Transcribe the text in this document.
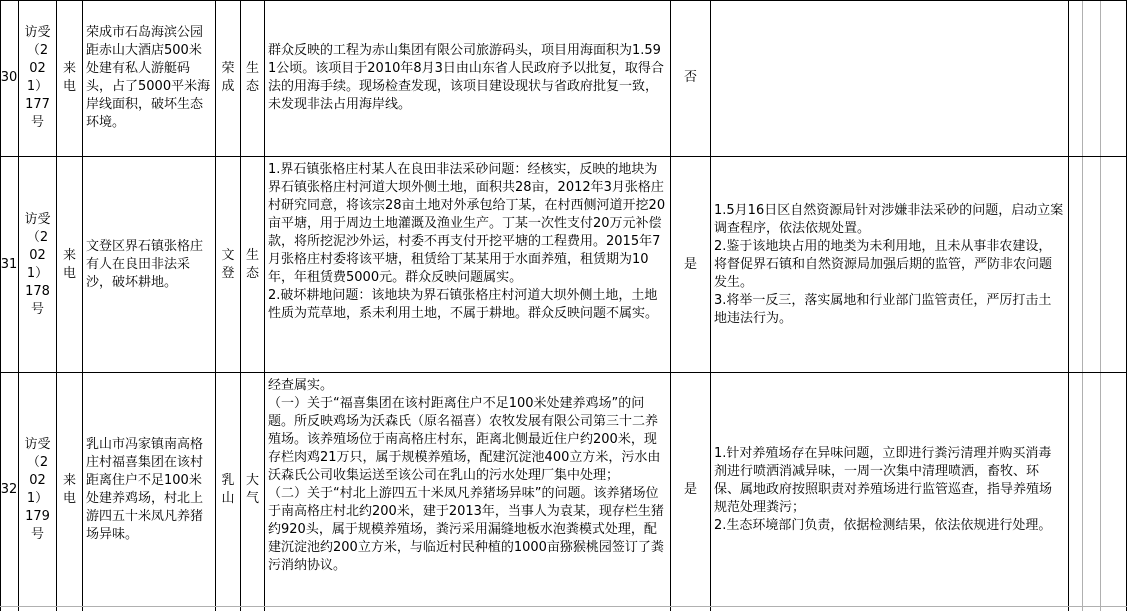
30
访受（2021）177号
来电
荣成市石岛海滨公园距赤山大酒店500米处建有私人游艇码头，占了5000平米海岸线面积，破坏生态环境。
荣成
生态
群众反映的工程为赤山集团有限公司旅游码头，项目用海面积为1.591公顷。该项目于2010年8月3日由山东省人民政府予以批复，取得合法的用海手续。现场检查发现，该项目建设现状与省政府批复一致，未发现非法占用海岸线。
否
31
访受（2021）178号
来电
文登区界石镇张格庄有人在良田非法采沙，破坏耕地。
文登
生态
1.界石镇张格庄村某人在良田非法采砂问题：经核实，反映的地块为界石镇张格庄村河道大坝外侧土地，面积共28亩，2012年3月张格庄村研究同意，将该宗28亩土地对外承包给丁某，在村西侧河道开挖20亩平塘，用于周边土地灌溉及渔业生产。丁某一次性支付20万元补偿款，将所挖泥沙外运，村委不再支付开挖平塘的工程费用。2015年7月张格庄村委将该平塘，租赁给丁某某用于水面养殖，租赁期为10年，年租赁费5000元。群众反映问题属实。
2.破坏耕地问题：该地块为界石镇张格庄村河道大坝外侧土地，土地性质为荒草地，系未利用土地，不属于耕地。群众反映问题不属实。
是
1.5月16日区自然资源局针对涉嫌非法采砂的问题，启动立案调查程序，依法依规处置。
2.鉴于该地块占用的地类为未利用地，且未从事非农建设，将督促界石镇和自然资源局加强后期的监管，严防非农问题发生。
3.将举一反三，落实属地和行业部门监管责任，严厉打击土地违法行为。
32
访受（2021）179号
来电
乳山市冯家镇南高格庄村福喜集团在该村距离住户不足100米处建养鸡场，村北上游四五十米凤凡养猪场异味。
乳山
大气
经查属实。
（一）关于“福喜集团在该村距离住户不足100米处建养鸡场”的问题。所反映鸡场为沃森氏（原名福喜）农牧发展有限公司第三十二养殖场。该养殖场位于南高格庄村东，距离北侧最近住户约200米，现存栏肉鸡21万只，属于规模养殖场，配建沉淀池400立方米，污水由沃森氏公司收集运送至该公司在乳山的污水处理厂集中处理；
（二）关于“村北上游四五十米凤凡养猪场异味”的问题。该养猪场位于南高格庄村北约200米，建于2013年，当事人为袁某，现存栏生猪约920头，属于规模养殖场，粪污采用漏缝地板水泡粪模式处理，配建沉淀池约200立方米，与临近村民种植的1000亩猕猴桃园签订了粪污消纳协议。
是
1.针对养殖场存在异味问题，立即进行粪污清理并购买消毒剂进行喷洒消减异味，一周一次集中清理喷洒，畜牧、环保、属地政府按照职责对养殖场进行监管巡查，指导养殖场规范处理粪污；
2.生态环境部门负责，依据检测结果，依法依规进行处理。
